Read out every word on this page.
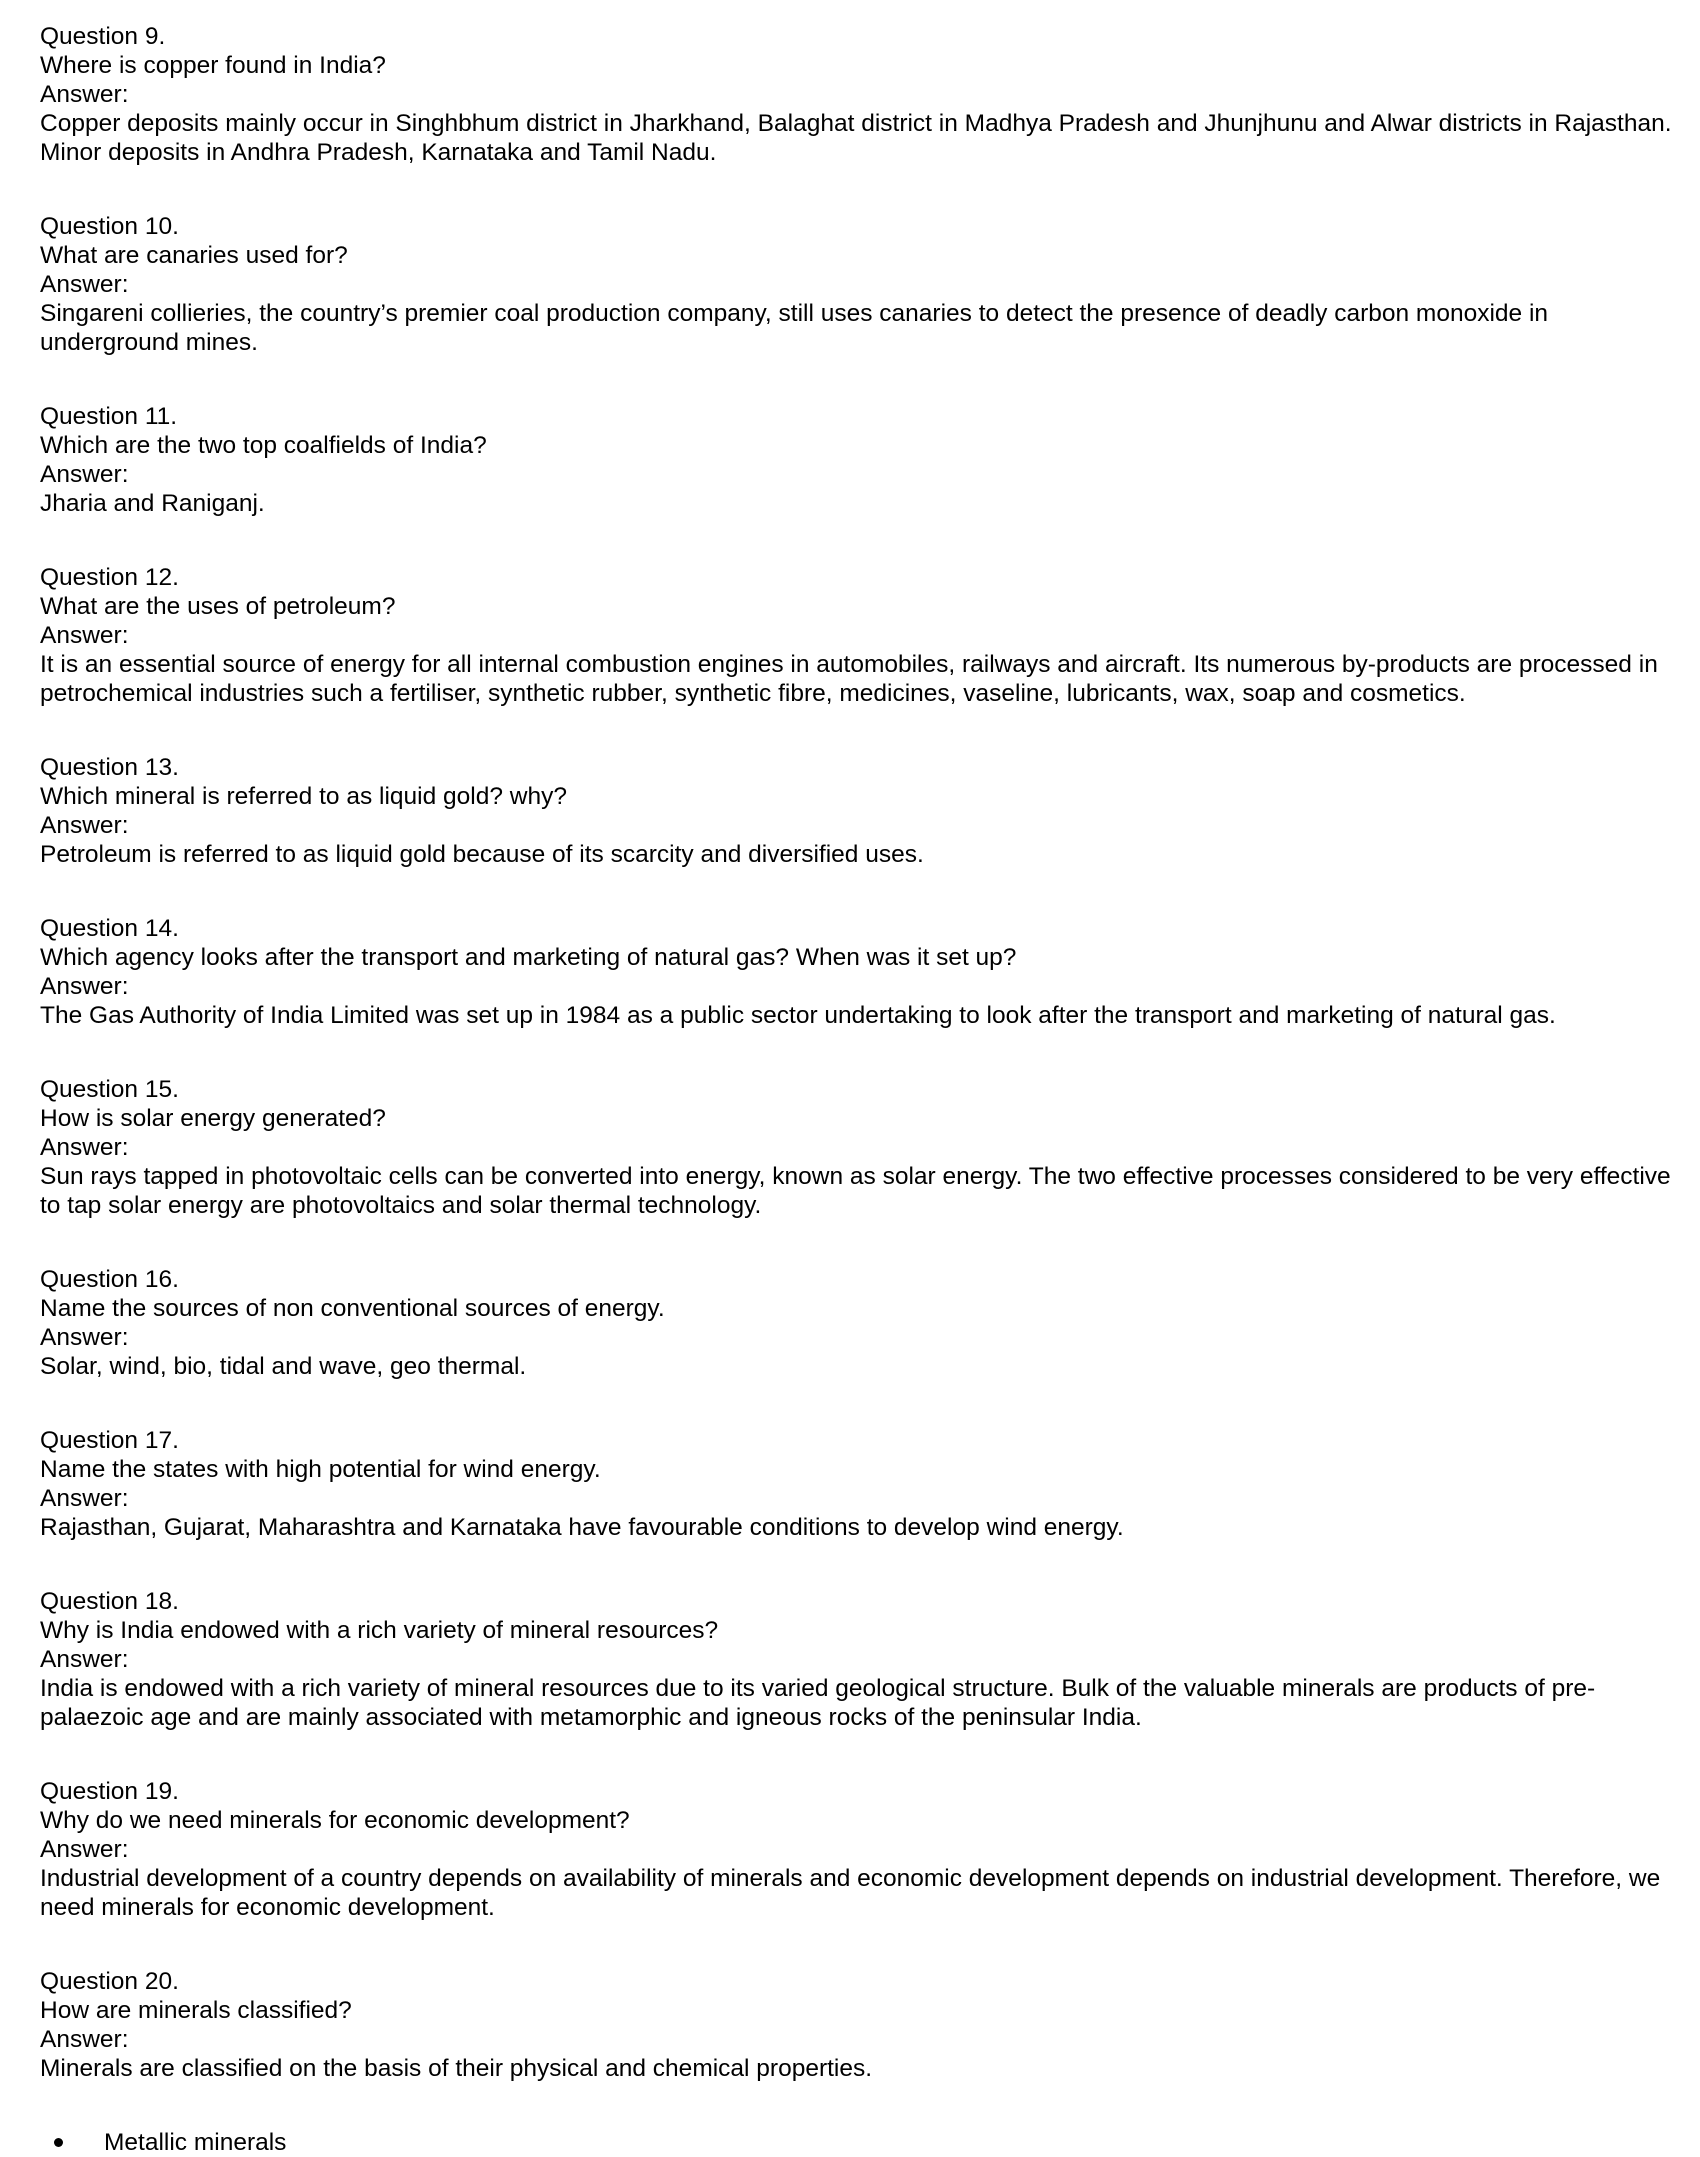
Question 9.
Where is copper found in India?
Answer:
Copper deposits mainly occur in Singhbhum district in Jharkhand, Balaghat district in Madhya Pradesh and Jhunjhunu and Alwar districts in Rajasthan. Minor deposits in Andhra Pradesh, Karnataka and Tamil Nadu.
Question 10.
What are canaries used for?
Answer:
Singareni collieries, the country’s premier coal production company, still uses canaries to detect the presence of deadly carbon monoxide in underground mines.
Question 11.
Which are the two top coalfields of India?
Answer:
Jharia and Raniganj.
Question 12.
What are the uses of petroleum?
Answer:
It is an essential source of energy for all internal combustion engines in automobiles, railways and aircraft. Its numerous by-products are processed in petrochemical industries such a fertiliser, synthetic rubber, synthetic fibre, medicines, vaseline, lubricants, wax, soap and cosmetics.
Question 13.
Which mineral is referred to as liquid gold? why?
Answer:
Petroleum is referred to as liquid gold because of its scarcity and diversified uses.
Question 14.
Which agency looks after the transport and marketing of natural gas? When was it set up?
Answer:
The Gas Authority of India Limited was set up in 1984 as a public sector undertaking to look after the transport and marketing of natural gas.
Question 15.
How is solar energy generated?
Answer:
Sun rays tapped in photovoltaic cells can be converted into energy, known as solar energy. The two effective processes considered to be very effective to tap solar energy are photovoltaics and solar thermal technology.
Question 16.
Name the sources of non conventional sources of energy.
Answer:
Solar, wind, bio, tidal and wave, geo thermal.
Question 17.
Name the states with high potential for wind energy.
Answer:
Rajasthan, Gujarat, Maharashtra and Karnataka have favourable conditions to develop wind energy.
Question 18.
Why is India endowed with a rich variety of mineral resources?
Answer:
India is endowed with a rich variety of mineral resources due to its varied geological structure. Bulk of the valuable minerals are products of pre-palaezoic age and are mainly associated with metamorphic and igneous rocks of the peninsular India.
Question 19.
Why do we need minerals for economic development?
Answer:
Industrial development of a country depends on availability of minerals and economic development depends on industrial development. Therefore, we need minerals for economic development.
Question 20.
How are minerals classified?
Answer:
Minerals are classified on the basis of their physical and chemical properties.
Metallic minerals
